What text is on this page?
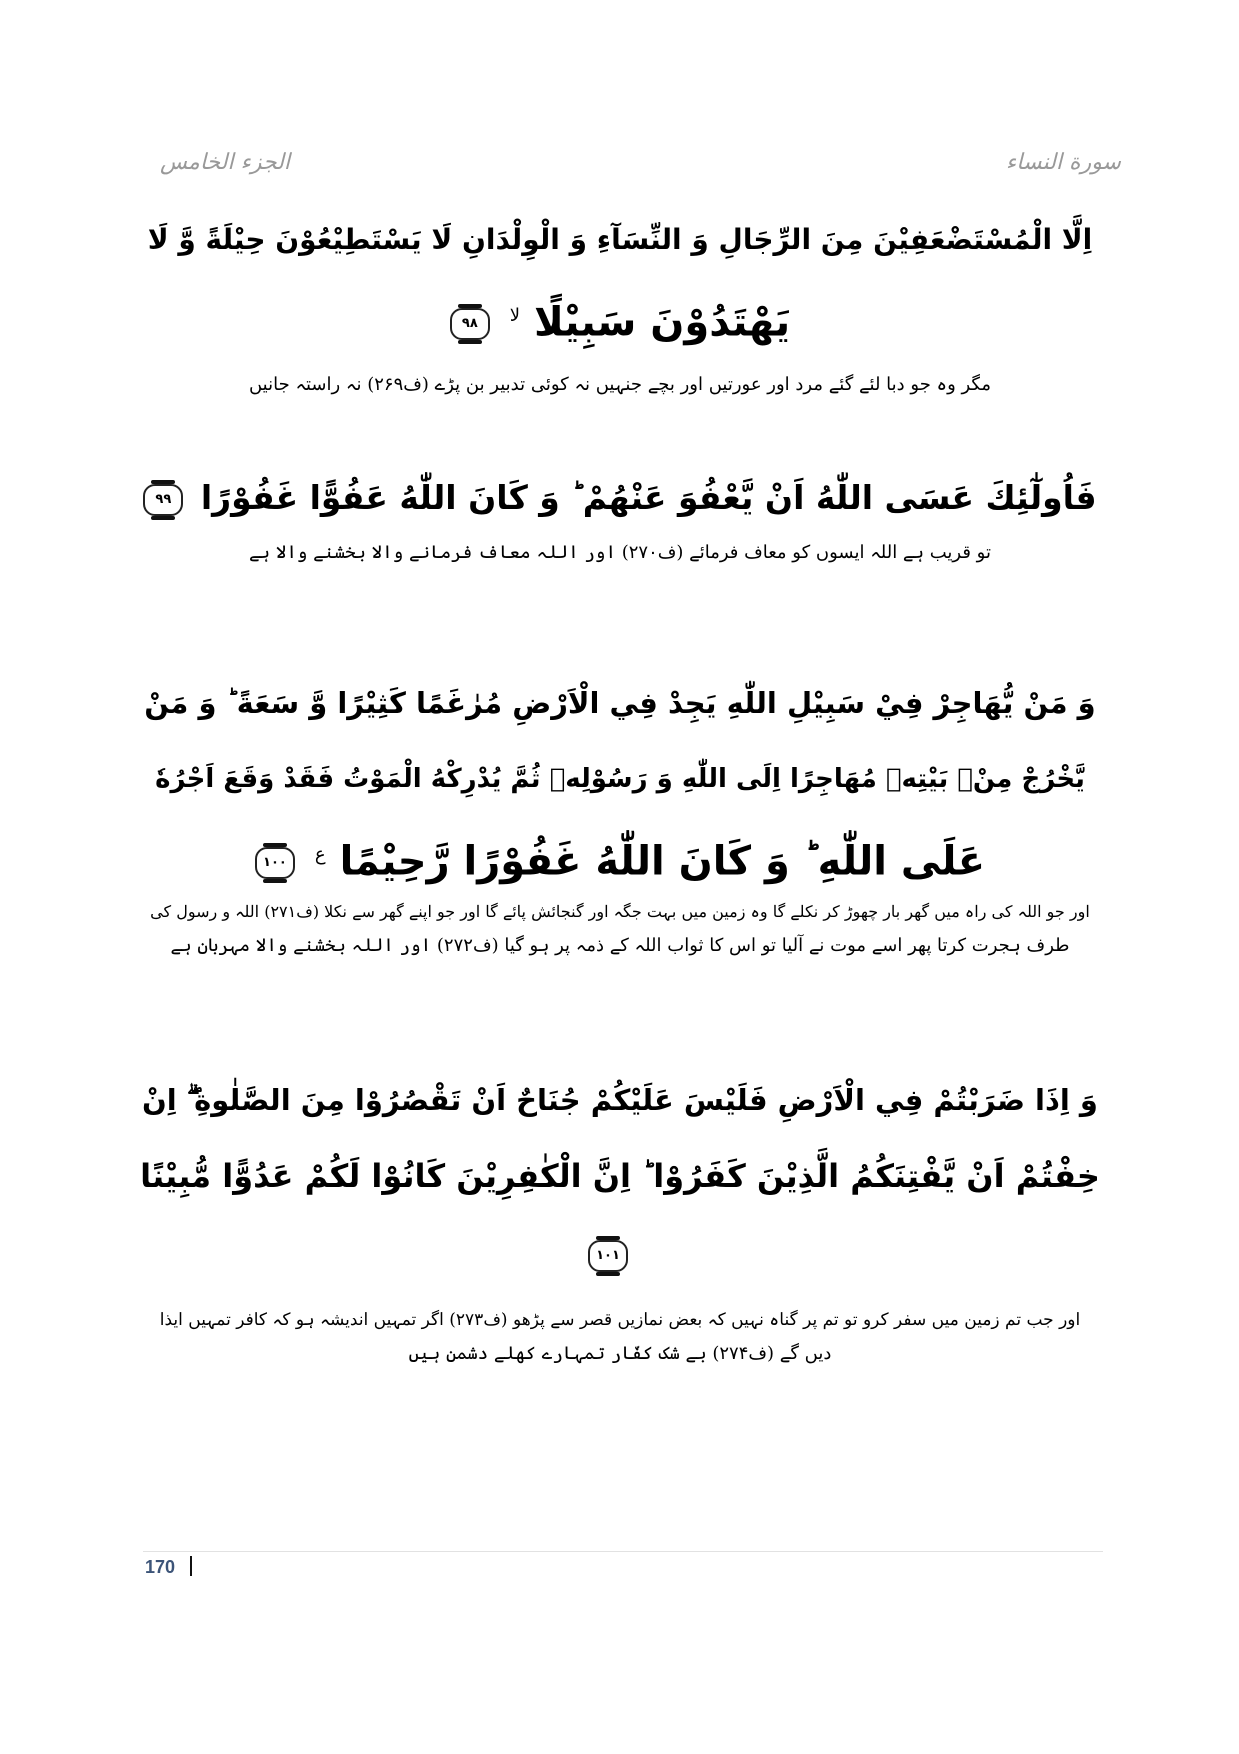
الجزء الخامس	سورة النساء
اِلَّا الْمُسْتَضْعَفِيْنَ مِنَ الرِّجَالِ وَ النِّسَآءِ وَ الْوِلْدَانِ لَا يَسْتَطِيْعُوْنَ حِيْلَةً وَّ لَا
يَهْتَدُوْنَ سَبِيْلًا $^{لا}$ ٩٨
مگر وہ جو دبا لئے گئے مرد اور عورتیں اور بچے جنہیں نہ کوئی تدبیر بن پڑے (ف۲۶۹) نہ راستہ جانیں
فَاُولٰٓئِكَ عَسَى اللّٰهُ اَنْ يَّعْفُوَ عَنْهُمْ ؕ وَ كَانَ اللّٰهُ عَفُوًّا غَفُوْرًا ٩٩
تو قریب ہے اللہ ایسوں کو معاف فرمائے (ف۲۷۰) اور اللہ معاف فرمانے والا بخشنے والا ہے
وَ مَنْ يُّهَاجِرْ فِيْ سَبِيْلِ اللّٰهِ يَجِدْ فِي الْاَرْضِ مُرٰغَمًا كَثِيْرًا وَّ سَعَةً ؕ وَ مَنْ
يَّخْرُجْ مِنْۢ بَيْتِهٖ مُهَاجِرًا اِلَى اللّٰهِ وَ رَسُوْلِهٖ ثُمَّ يُدْرِكْهُ الْمَوْتُ فَقَدْ وَقَعَ اَجْرُهٗ
عَلَى اللّٰهِ ؕ وَ كَانَ اللّٰهُ غَفُوْرًا رَّحِيْمًا $^ع$ ١٠٠
اور جو اللہ کی راہ میں گھر بار چھوڑ کر نکلے گا وہ زمین میں بہت جگہ اور گنجائش پائے گا اور جو اپنے گھر سے نکلا (ف۲۷۱) اللہ و رسول کی
طرف ہجرت کرتا پھر اسے موت نے آلیا تو اس کا ثواب اللہ کے ذمہ پر ہو گیا (ف۲۷۲) اور اللہ بخشنے والا مہربان ہے
وَ اِذَا ضَرَبْتُمْ فِي الْاَرْضِ فَلَيْسَ عَلَيْكُمْ جُنَاحٌ اَنْ تَقْصُرُوْا مِنَ الصَّلٰوةِ ۖۗ اِنْ
خِفْتُمْ اَنْ يَّفْتِنَكُمُ الَّذِيْنَ كَفَرُوْا ؕ اِنَّ الْكٰفِرِيْنَ كَانُوْا لَكُمْ عَدُوًّا مُّبِيْنًا
اور جب تم زمین میں سفر کرو تو تم پر گناہ نہیں کہ بعض نمازیں قصر سے پڑھو (ف۲۷۳) اگر تمہیں اندیشہ ہو کہ کافر تمہیں ایذا
دیں گے (ف۲۷۴) بے شک کفّار تمہارے کھلے دشمن ہیں
١٠١
170
